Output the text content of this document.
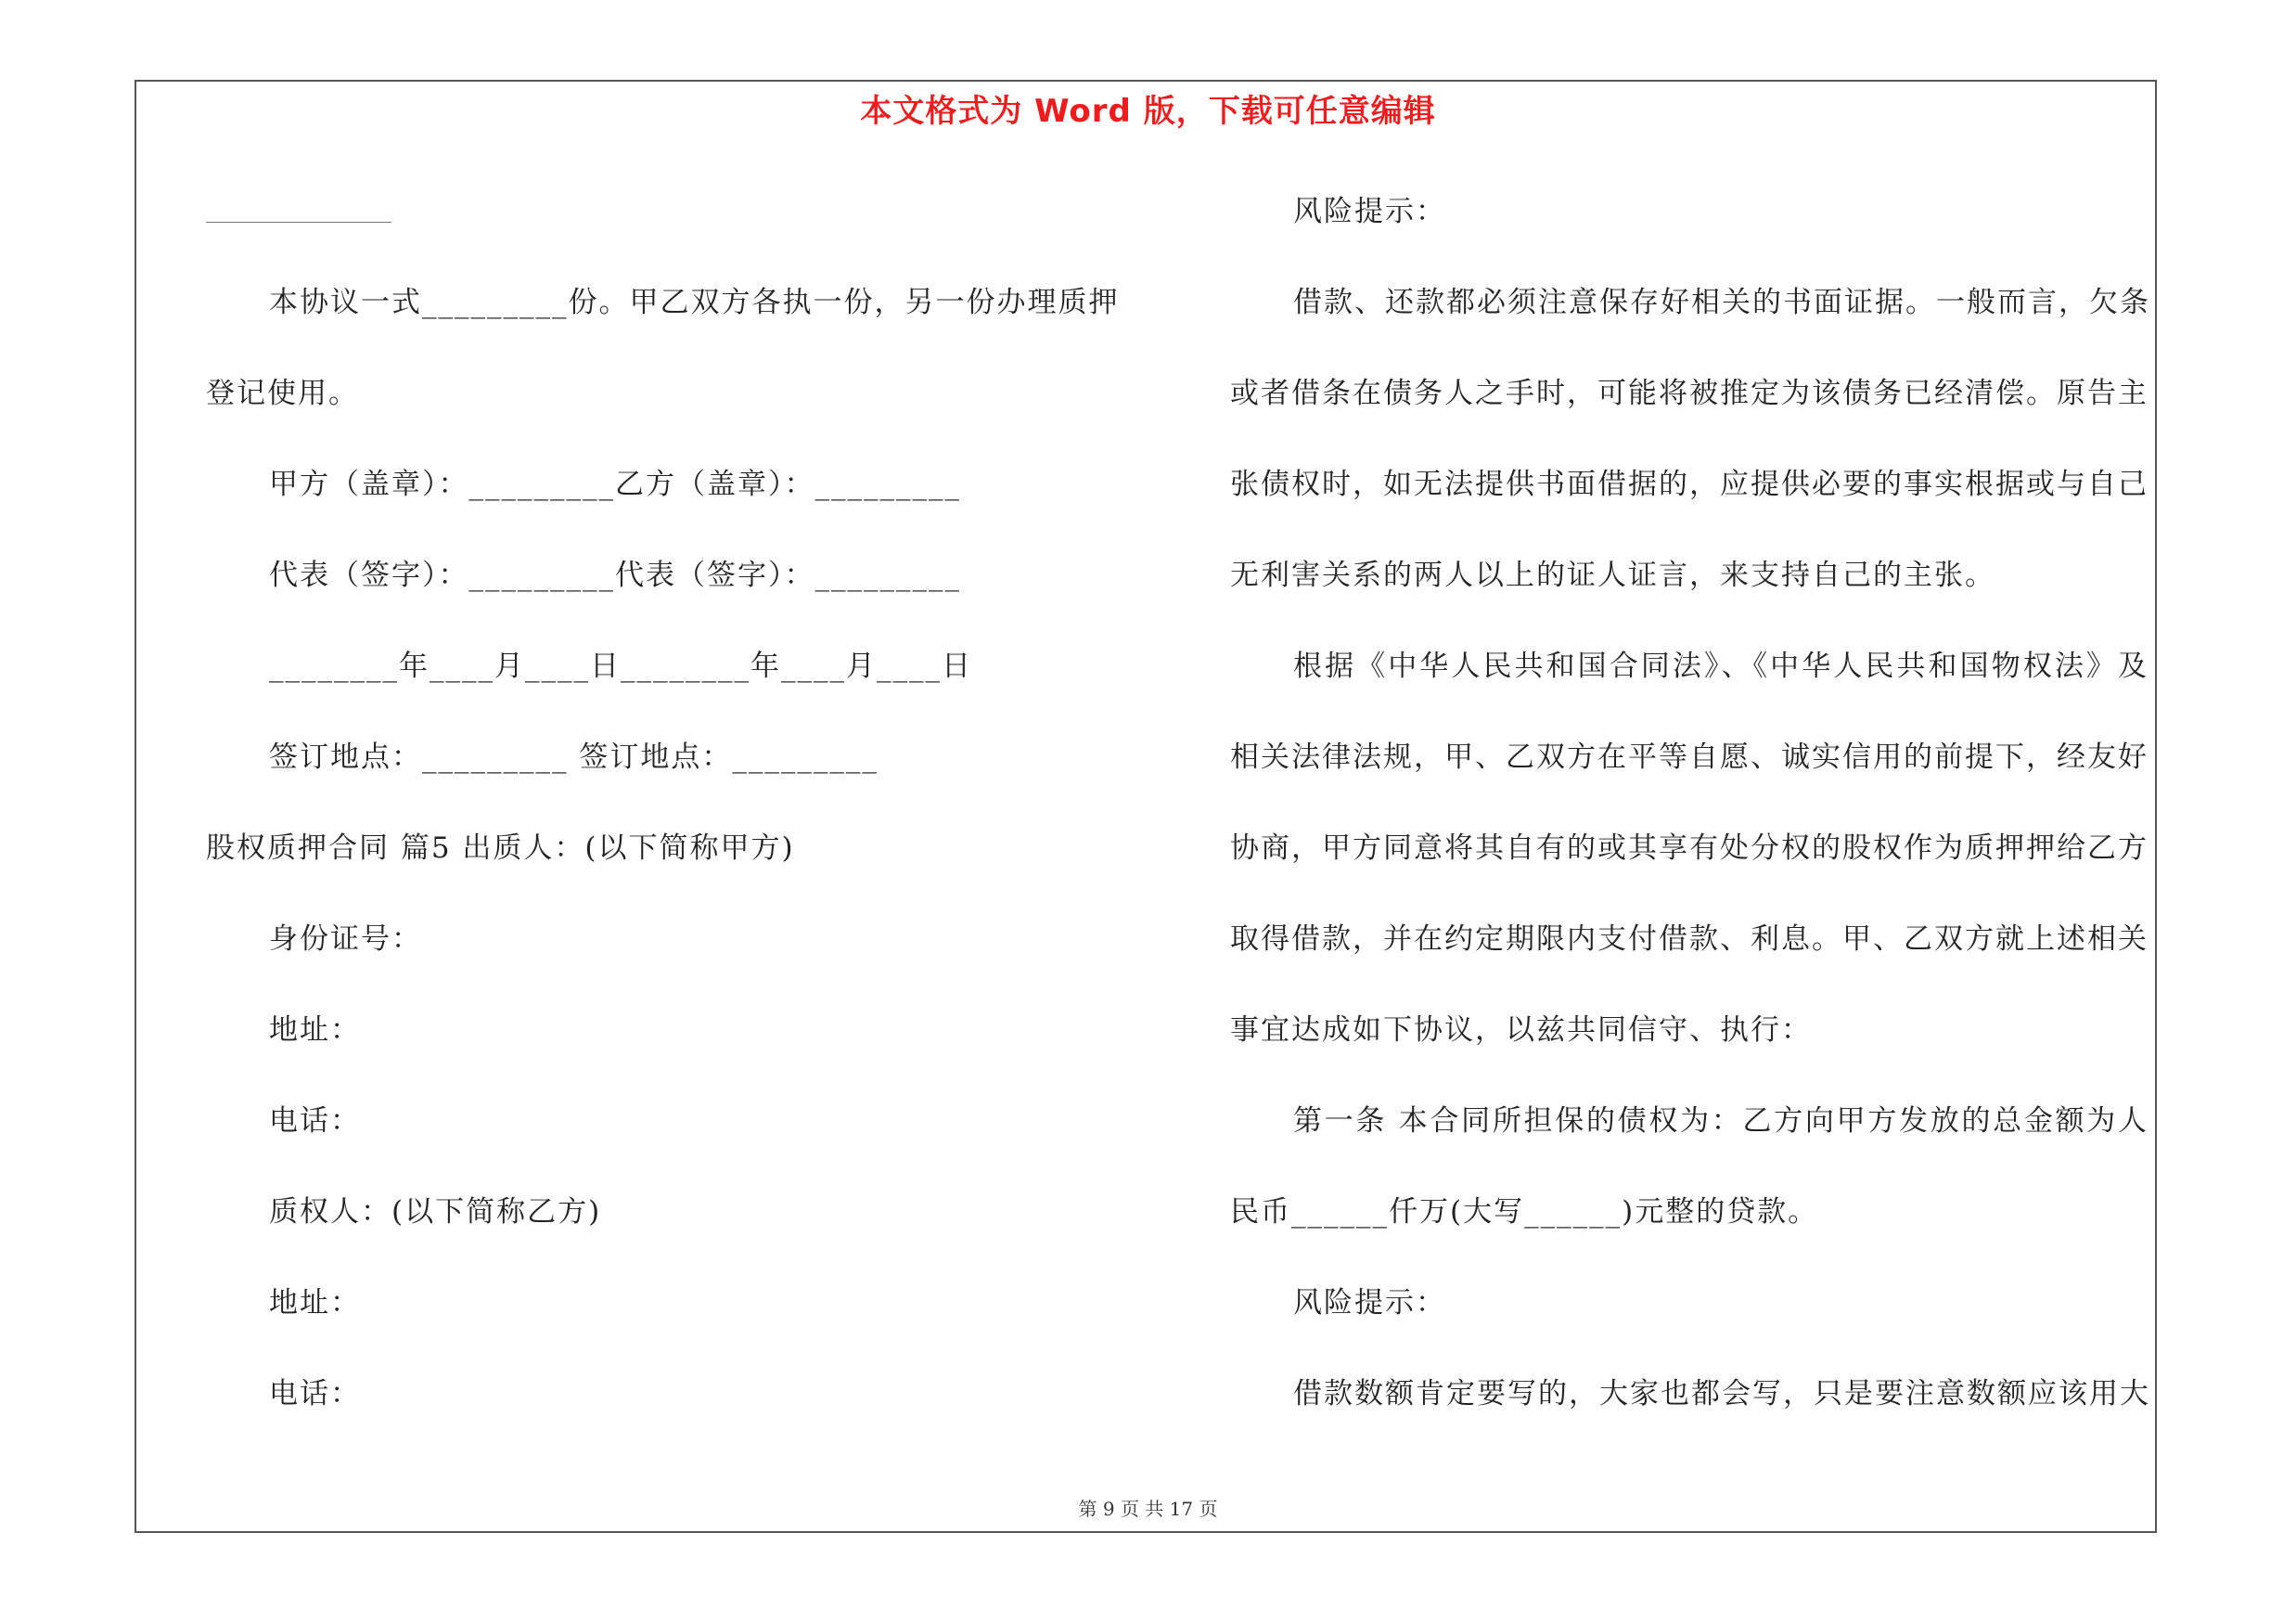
本文格式为 Word 版，下载可任意编辑
本协议一式_________份。甲乙双方各执一份，另一份办理质押
登记使用。
甲方（盖章）：_________乙方（盖章）：_________
代表（签字）：_________代表（签字）：_________
________年____月____日________年____月____日
签订地点：_________ 签订地点：_________
股权质押合同 篇5 出质人：(以下简称甲方)
身份证号：
地址：
电话：
质权人：(以下简称乙方)
地址：
电话：
风险提示：
借款、还款都必须注意保存好相关的书面证据。一般而言，欠条
或者借条在债务人之手时，可能将被推定为该债务已经清偿。原告主
张债权时，如无法提供书面借据的，应提供必要的事实根据或与自己
无利害关系的两人以上的证人证言，来支持自己的主张。
根据《中华人民共和国合同法》、《中华人民共和国物权法》及
相关法律法规，甲、乙双方在平等自愿、诚实信用的前提下，经友好
协商，甲方同意将其自有的或其享有处分权的股权作为质押押给乙方
取得借款，并在约定期限内支付借款、利息。甲、乙双方就上述相关
事宜达成如下协议，以兹共同信守、执行：
第一条 本合同所担保的债权为：乙方向甲方发放的总金额为人
民币______仟万(大写______)元整的贷款。
风险提示：
借款数额肯定要写的，大家也都会写，只是要注意数额应该用大
第 9 页 共 17 页
